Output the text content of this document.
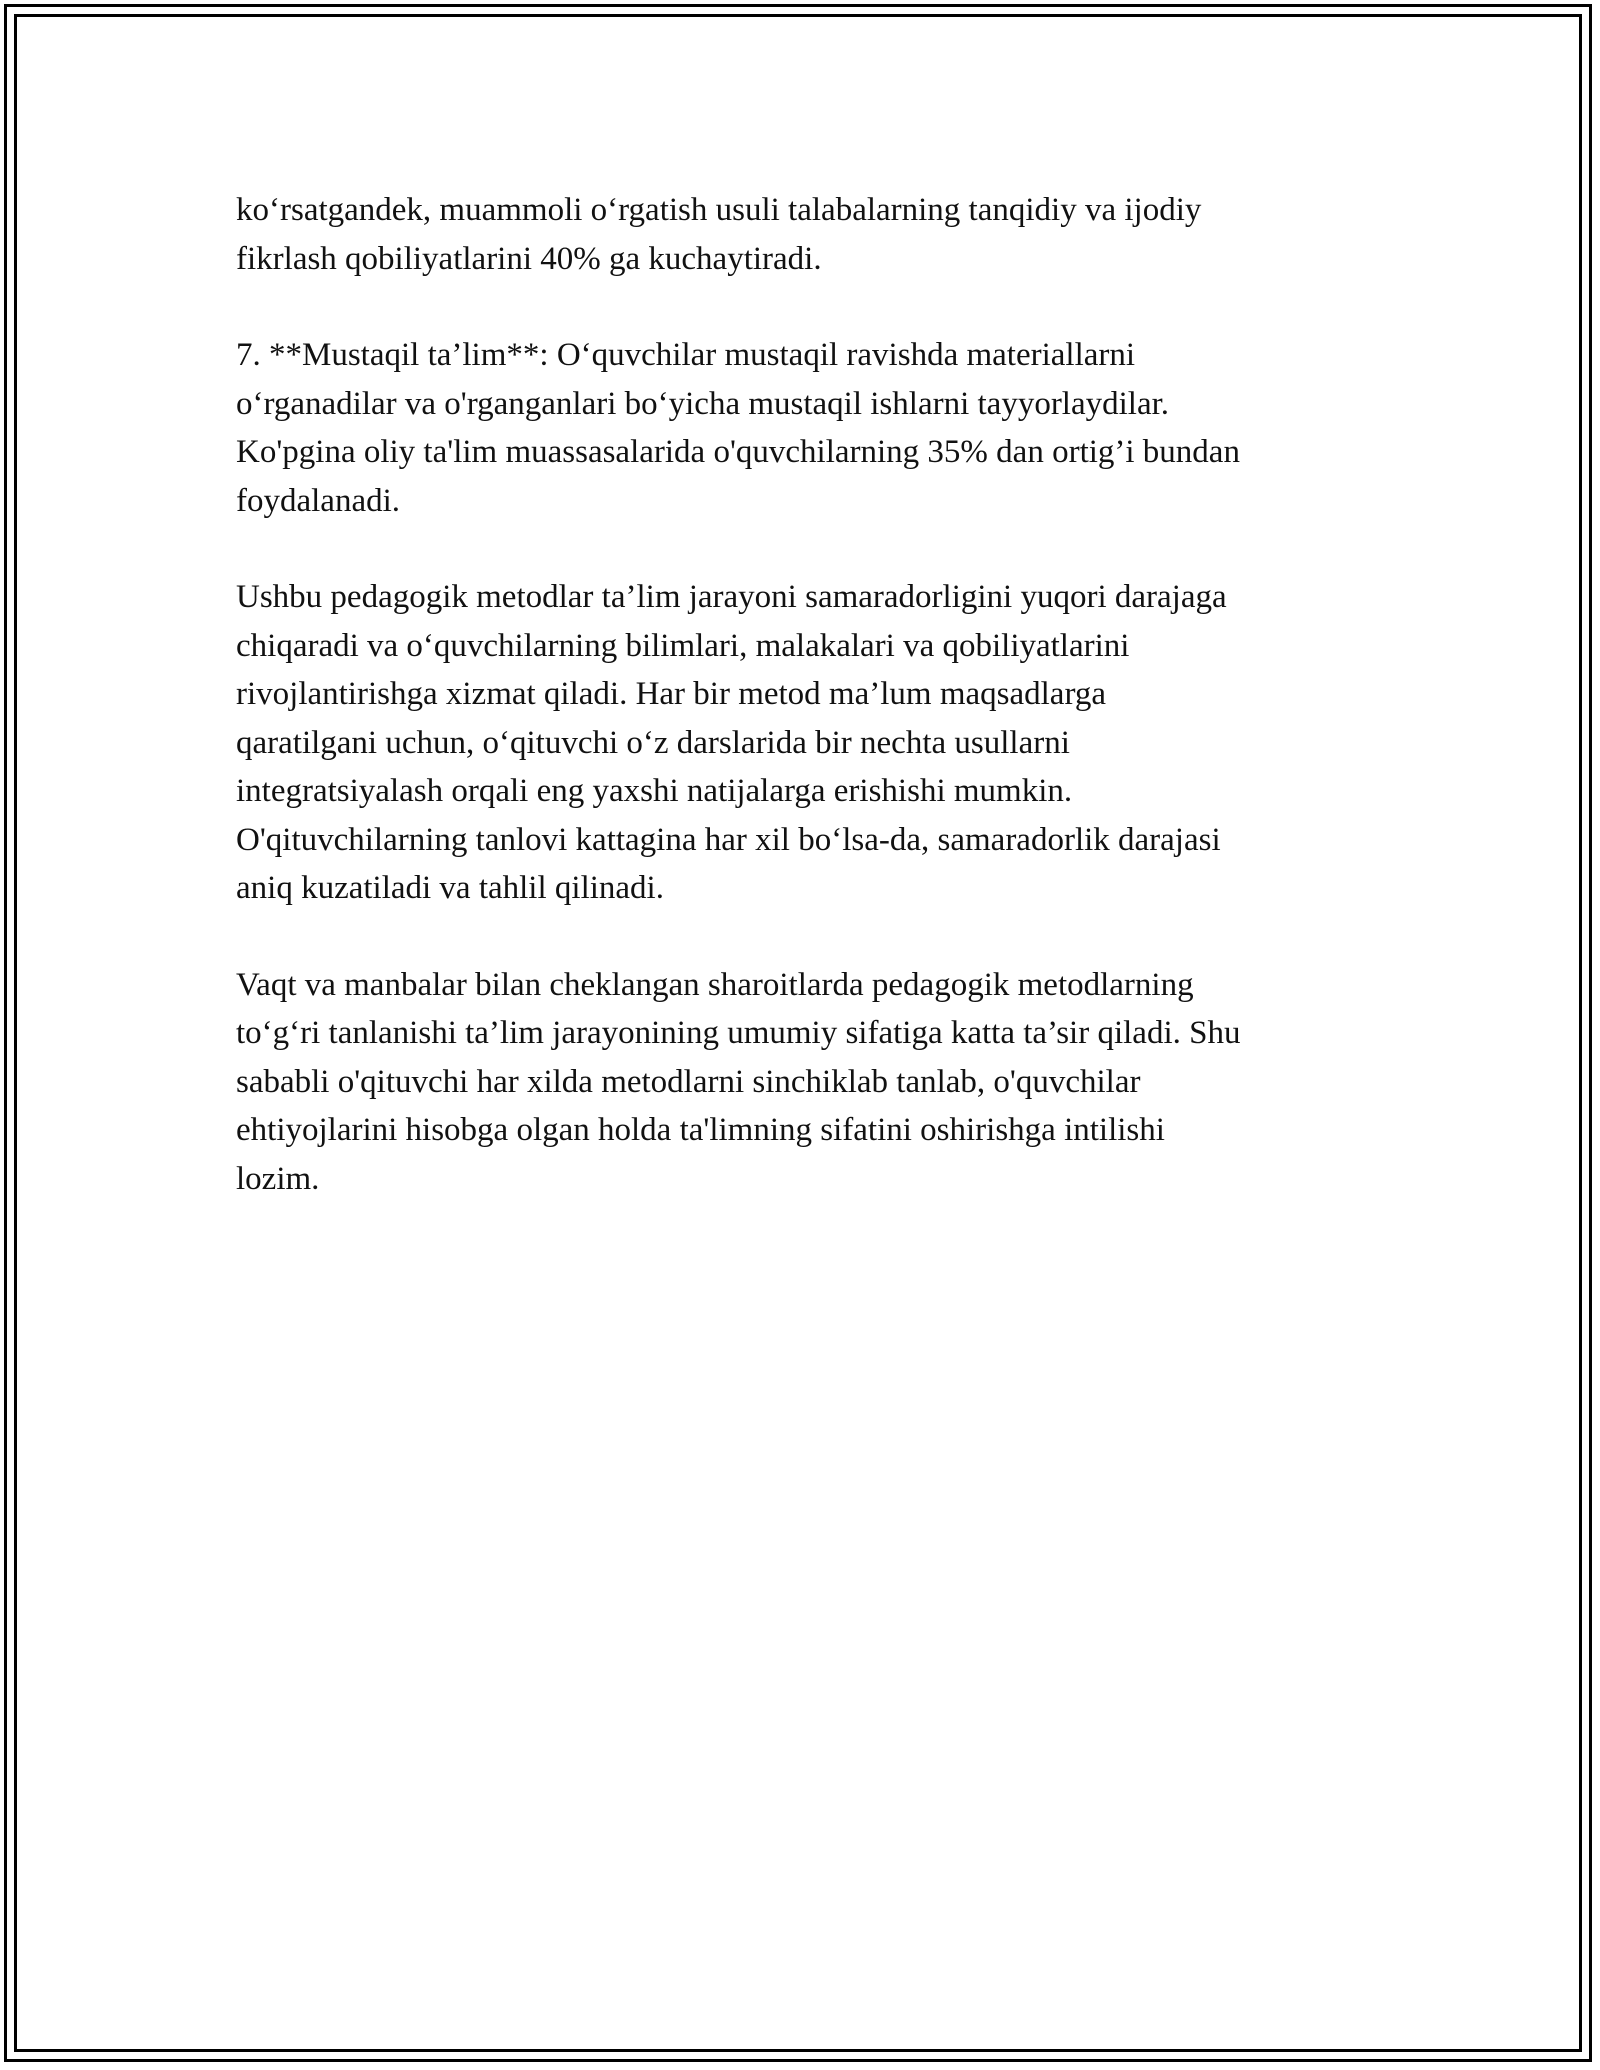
ko‘rsatgandek, muammoli o‘rgatish usuli talabalarning tanqidiy va ijodiy
fikrlash qobiliyatlarini 40% ga kuchaytiradi.

7. **Mustaqil ta’lim**: O‘quvchilar mustaqil ravishda materiallarni
o‘rganadilar va o'rganganlari bo‘yicha mustaqil ishlarni tayyorlaydilar.
Ko'pgina oliy ta'lim muassasalarida o'quvchilarning 35% dan ortig’i bundan
foydalanadi.

Ushbu pedagogik metodlar ta’lim jarayoni samaradorligini yuqori darajaga
chiqaradi va o‘quvchilarning bilimlari, malakalari va qobiliyatlarini
rivojlantirishga xizmat qiladi. Har bir metod ma’lum maqsadlarga
qaratilgani uchun, o‘qituvchi o‘z darslarida bir nechta usullarni
integratsiyalash orqali eng yaxshi natijalarga erishishi mumkin.
O'qituvchilarning tanlovi kattagina har xil bo‘lsa-da, samaradorlik darajasi
aniq kuzatiladi va tahlil qilinadi.

Vaqt va manbalar bilan cheklangan sharoitlarda pedagogik metodlarning
to‘g‘ri tanlanishi ta’lim jarayonining umumiy sifatiga katta ta’sir qiladi. Shu
sababli o'qituvchi har xilda metodlarni sinchiklab tanlab, o'quvchilar
ehtiyojlarini hisobga olgan holda ta'limning sifatini oshirishga intilishi
lozim.
